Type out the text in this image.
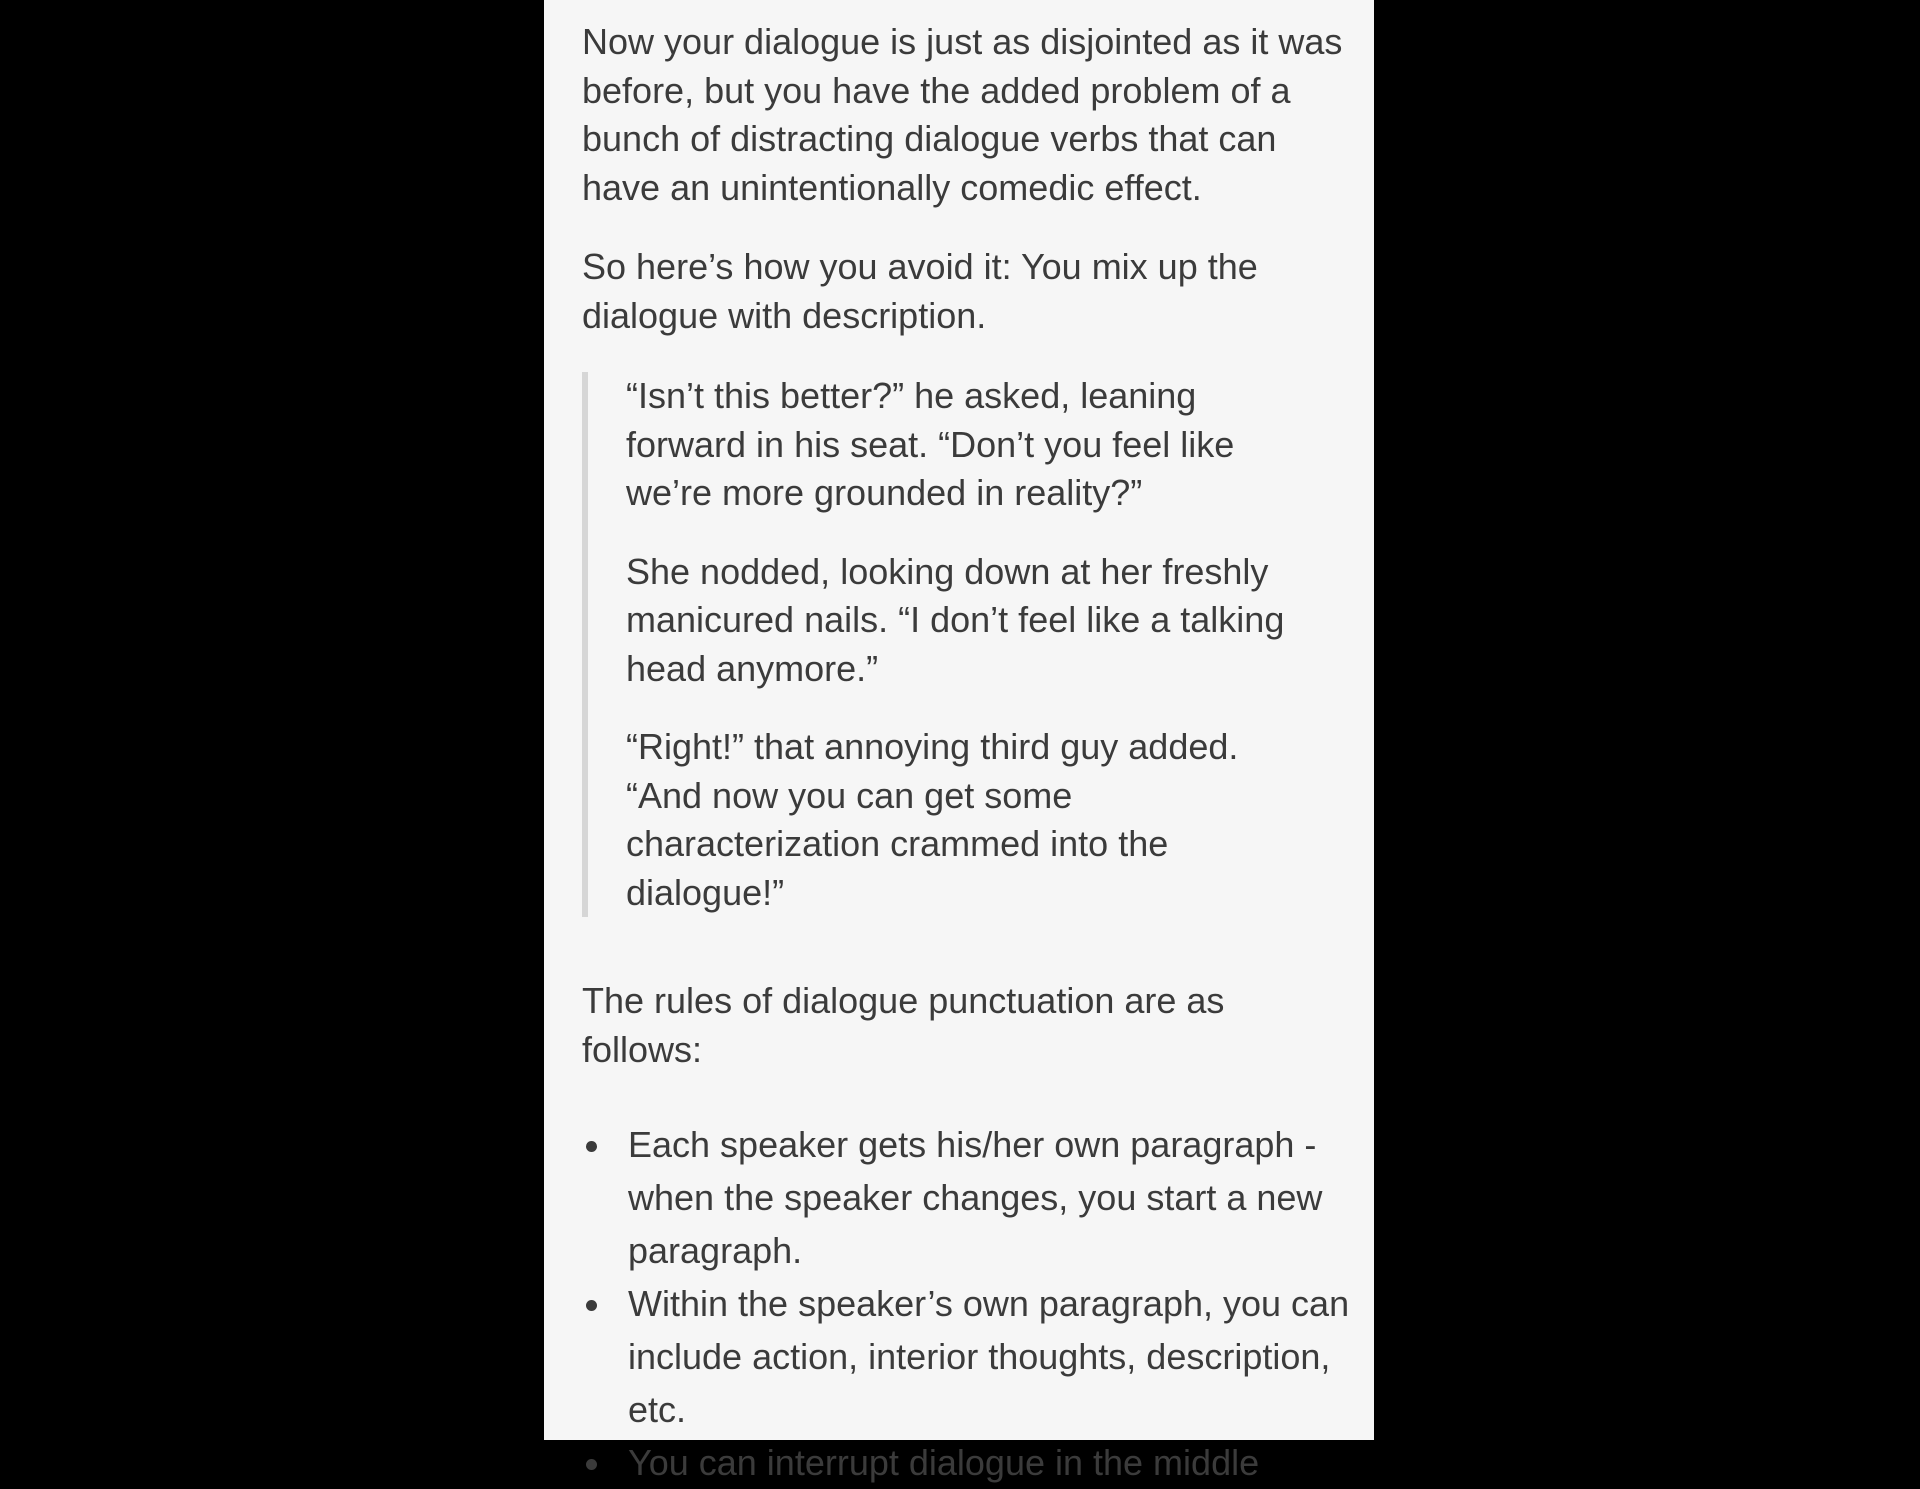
Now your dialogue is just as disjointed as it was before, but you have the added problem of a bunch of distracting dialogue verbs that can have an unintentionally comedic effect.

So here’s how you avoid it: You mix up the dialogue with description.

“Isn’t this better?” he asked, leaning forward in his seat. “Don’t you feel like we’re more grounded in reality?”

She nodded, looking down at her freshly manicured nails. “I don’t feel like a talking head anymore.”

“Right!” that annoying third guy added. “And now you can get some characterization crammed into the dialogue!”

The rules of dialogue punctuation are as follows:

Each speaker gets his/her own paragraph - when the speaker changes, you start a new paragraph.
Within the speaker’s own paragraph, you can include action, interior thoughts, description, etc.
You can interrupt dialogue in the middle
